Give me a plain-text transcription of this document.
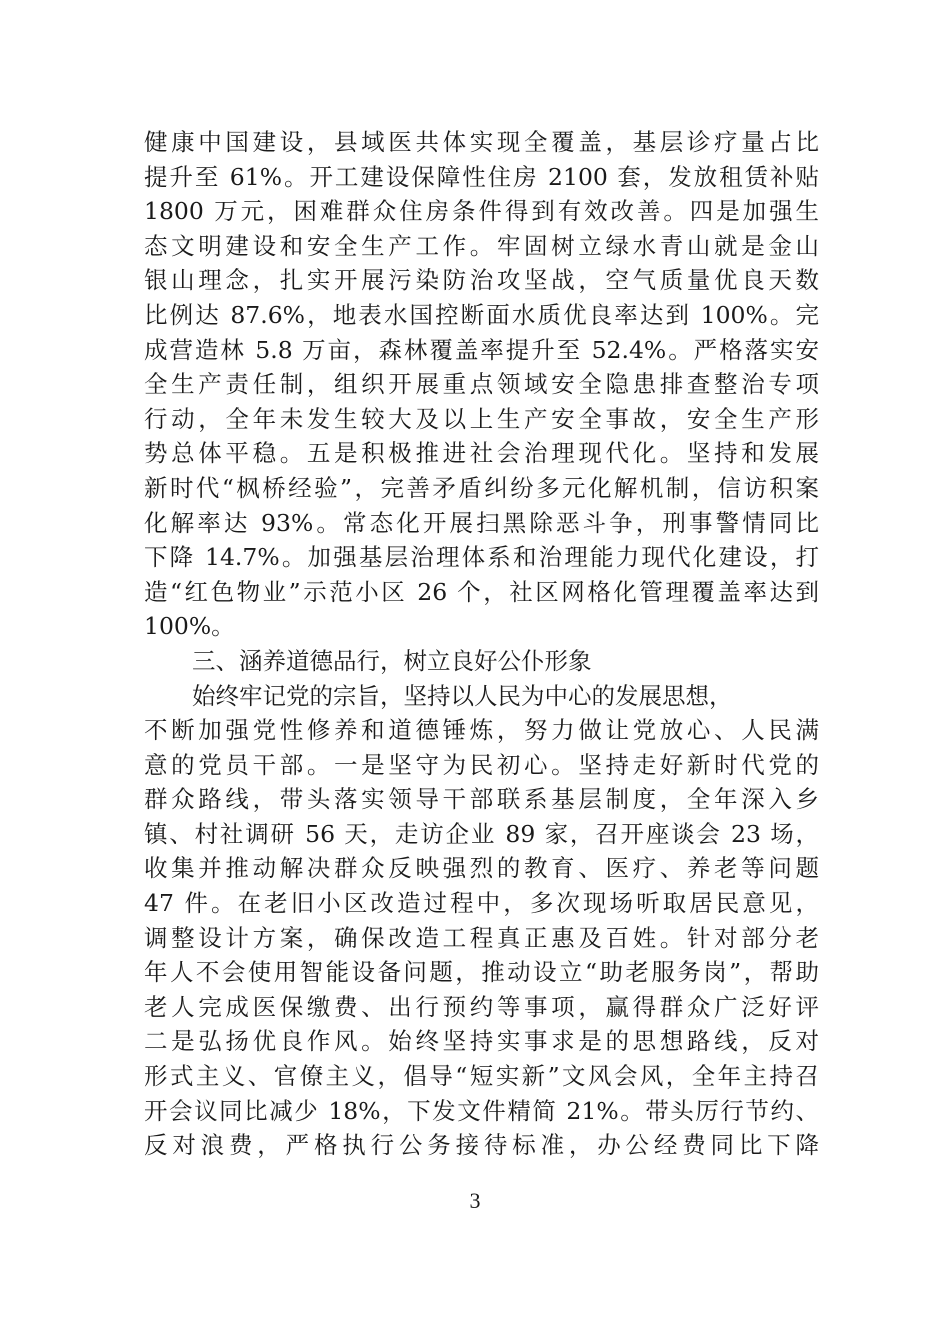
健康中国建设，县域医共体实现全覆盖，基层诊疗量占比
提升至 61%。开工建设保障性住房 2100 套，发放租赁补贴
1800 万元，困难群众住房条件得到有效改善。四是加强生
态文明建设和安全生产工作。牢固树立绿水青山就是金山
银山理念，扎实开展污染防治攻坚战，空气质量优良天数
比例达 87.6%，地表水国控断面水质优良率达到 100%。完
成营造林 5.8 万亩，森林覆盖率提升至 52.4%。严格落实安
全生产责任制，组织开展重点领域安全隐患排查整治专项
行动，全年未发生较大及以上生产安全事故，安全生产形
势总体平稳。五是积极推进社会治理现代化。坚持和发展
新时代“枫桥经验”，完善矛盾纠纷多元化解机制，信访积案
化解率达 93%。常态化开展扫黑除恶斗争，刑事警情同比
下降 14.7%。加强基层治理体系和治理能力现代化建设，打
造“红色物业”示范小区 26 个，社区网格化管理覆盖率达到
100%。
三、涵养道德品行，树立良好公仆形象
始终牢记党的宗旨，坚持以人民为中心的发展思想，
不断加强党性修养和道德锤炼，努力做让党放心、人民满
意的党员干部。一是坚守为民初心。坚持走好新时代党的
群众路线，带头落实领导干部联系基层制度，全年深入乡
镇、村社调研 56 天，走访企业 89 家，召开座谈会 23 场，
收集并推动解决群众反映强烈的教育、医疗、养老等问题
47 件。在老旧小区改造过程中，多次现场听取居民意见，
调整设计方案，确保改造工程真正惠及百姓。针对部分老
年人不会使用智能设备问题，推动设立“助老服务岗”，帮助
老人完成医保缴费、出行预约等事项，赢得群众广泛好评
二是弘扬优良作风。始终坚持实事求是的思想路线，反对
形式主义、官僚主义，倡导“短实新”文风会风，全年主持召
开会议同比减少 18%，下发文件精简 21%。带头厉行节约、
反对浪费，严格执行公务接待标准，办公经费同比下降
3
